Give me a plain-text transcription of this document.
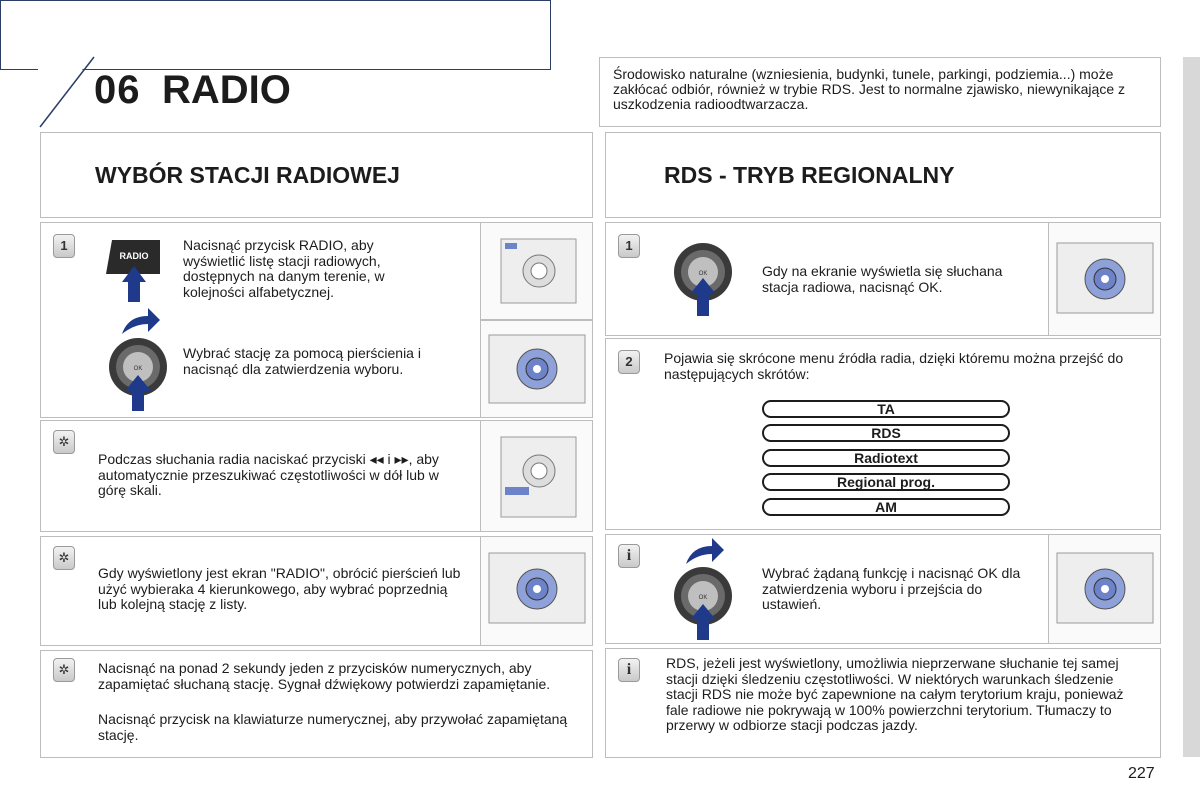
06 RADIO	Środowisko naturalne (wzniesienia, budynki, tunele, parkingi, podziemia...) może zakłócać odbiór, również w trybie RDS. Jest to normalne zjawisko, niewynikające z uszkodzenia radioodtwarzacza.
WYBÓR STACJI RADIOWEJ	RDS - TRYB REGIONALNY
1
RADIO
Nacisnąć przycisk RADIO, aby wyświetlić listę stacji radiowych, dostępnych na danym terenie, w kolejności alfabetycznej.
OK
Wybrać stację za pomocą pierścienia i nacisnąć dla zatwierdzenia wyboru.
✲
Podczas słuchania radia naciskać przyciski ◂◂ i ▸▸, aby automatycznie przeszukiwać częstotliwości w dół lub w górę skali.
✲
Gdy wyświetlony jest ekran "RADIO", obrócić pierścień lub użyć wybieraka 4 kierunkowego, aby wybrać poprzednią lub kolejną stację z listy.
✲	Nacisnąć na ponad 2 sekundy jeden z przycisków numerycznych, aby zapamiętać słuchaną stację. Sygnał dźwiękowy potwierdzi zapamiętanie.
Nacisnąć przycisk na klawiaturze numerycznej, aby przywołać zapamiętaną stację.
1
OK	Gdy na ekranie wyświetla się słuchana stacja radiowa, nacisnąć OK.
2	Pojawia się skrócone menu źródła radia, dzięki któremu można przejść do następujących skrótów:
TA
RDS
Radiotext
Regional prog.
AM
i
OK
Wybrać żądaną funkcję i nacisnąć OK dla zatwierdzenia wyboru i przejścia do ustawień.
i	RDS, jeżeli jest wyświetlony, umożliwia nieprzerwane słuchanie tej samej stacji dzięki śledzeniu częstotliwości. W niektórych warunkach śledzenie stacji RDS nie może być zapewnione na całym terytorium kraju, ponieważ fale radiowe nie pokrywają w 100% powierzchni terytorium. Tłumaczy to przerwy w odbiorze stacji podczas jazdy.
227
